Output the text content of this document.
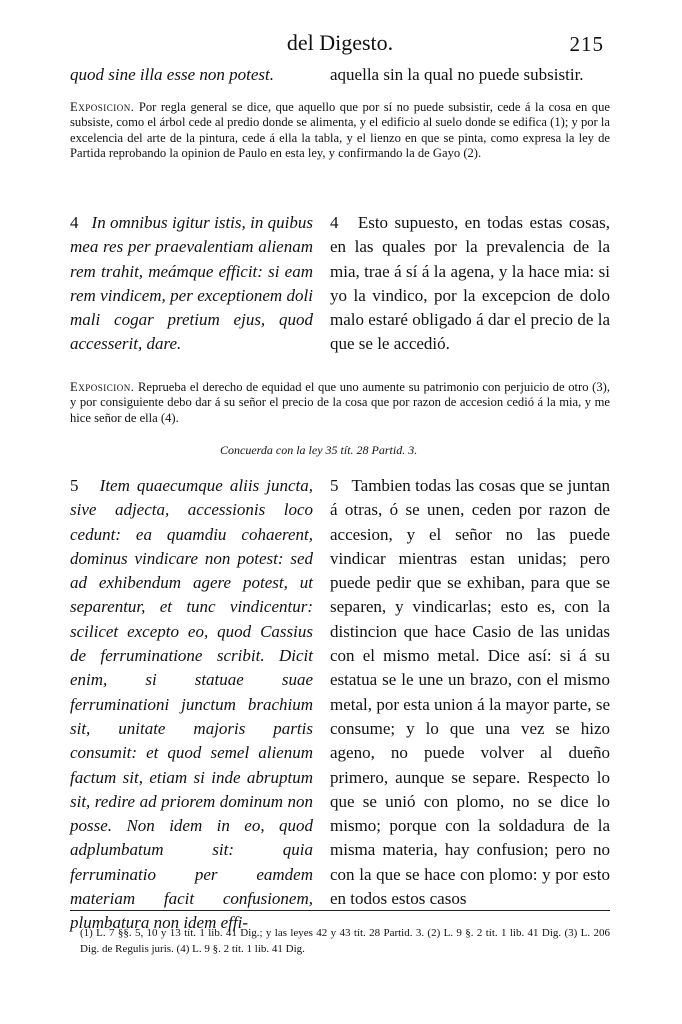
del Digesto.	215

quod sine illa esse non potest.	aquella sin la qual no puede subsistir.

Exposicion. Por regla general se dice, que aquello que por sí no puede subsistir, cede á la cosa en que subsiste, como el árbol cede al predio donde se alimenta, y el edificio al suelo donde se edifica (1); y por la excelencia del arte de la pintura, cede á ella la tabla, y el lienzo en que se pinta, como expresa la ley de Partida reprobando la opinion de Paulo en esta ley, y confirmando la de Gayo (2).

4 In omnibus igitur istis, in quibus mea res per praevalentiam alienam rem trahit, meámque efficit: si eam rem vindicem, per exceptionem doli mali cogar pretium ejus, quod accesserit, dare.

4 Esto supuesto, en todas estas cosas, en las quales por la prevalencia de la mia, trae á sí á la agena, y la hace mia: si yo la vindico, por la excepcion de dolo malo estaré obligado á dar el precio de la que se le accedió.

Exposicion. Reprueba el derecho de equidad el que uno aumente su patrimonio con perjuicio de otro (3), y por consiguiente debo dar á su señor el precio de la cosa que por razon de accesion cedió á la mia, y me hice señor de ella (4).

Concuerda con la ley 35 tít. 28 Partid. 3.

5 Item quaecumque aliis juncta, sive adjecta, accessionis loco cedunt: ea quamdiu cohaerent, dominus vindicare non potest: sed ad exhibendum agere potest, ut separentur, et tunc vindicentur: scilicet excepto eo, quod Cassius de ferruminatione scribit. Dicit enim, si statuae suae ferruminationi junctum brachium sit, unitate majoris partis consumit: et quod semel alienum factum sit, etiam si inde abruptum sit, redire ad priorem dominum non posse. Non idem in eo, quod adplumbatum sit: quia ferruminatio per eamdem materiam facit confusionem, plumbatura non idem effi-

5 Tambien todas las cosas que se juntan á otras, ó se unen, ceden por razon de accesion, y el señor no las puede vindicar mientras estan unidas; pero puede pedir que se exhiban, para que se separen, y vindicarlas; esto es, con la distincion que hace Casio de las unidas con el mismo metal. Dice así: si á su estatua se le une un brazo, con el mismo metal, por esta union á la mayor parte, se consume; y lo que una vez se hizo ageno, no puede volver al dueño primero, aunque se separe. Respecto lo que se unió con plomo, no se dice lo mismo; porque con la soldadura de la misma materia, hay confusion; pero no con la que se hace con plomo: y por esto en todos estos casos

(1) L. 7 §§. 5, 10 y 13 tít. 1 lib. 41 Dig.; y las leyes 42 y 43 tít. 28 Partid. 3. (2) L. 9 §. 2 tít. 1 lib. 41 Dig. (3) L. 206 Dig. de Regulis juris. (4) L. 9 §. 2 tít. 1 lib. 41 Dig.
